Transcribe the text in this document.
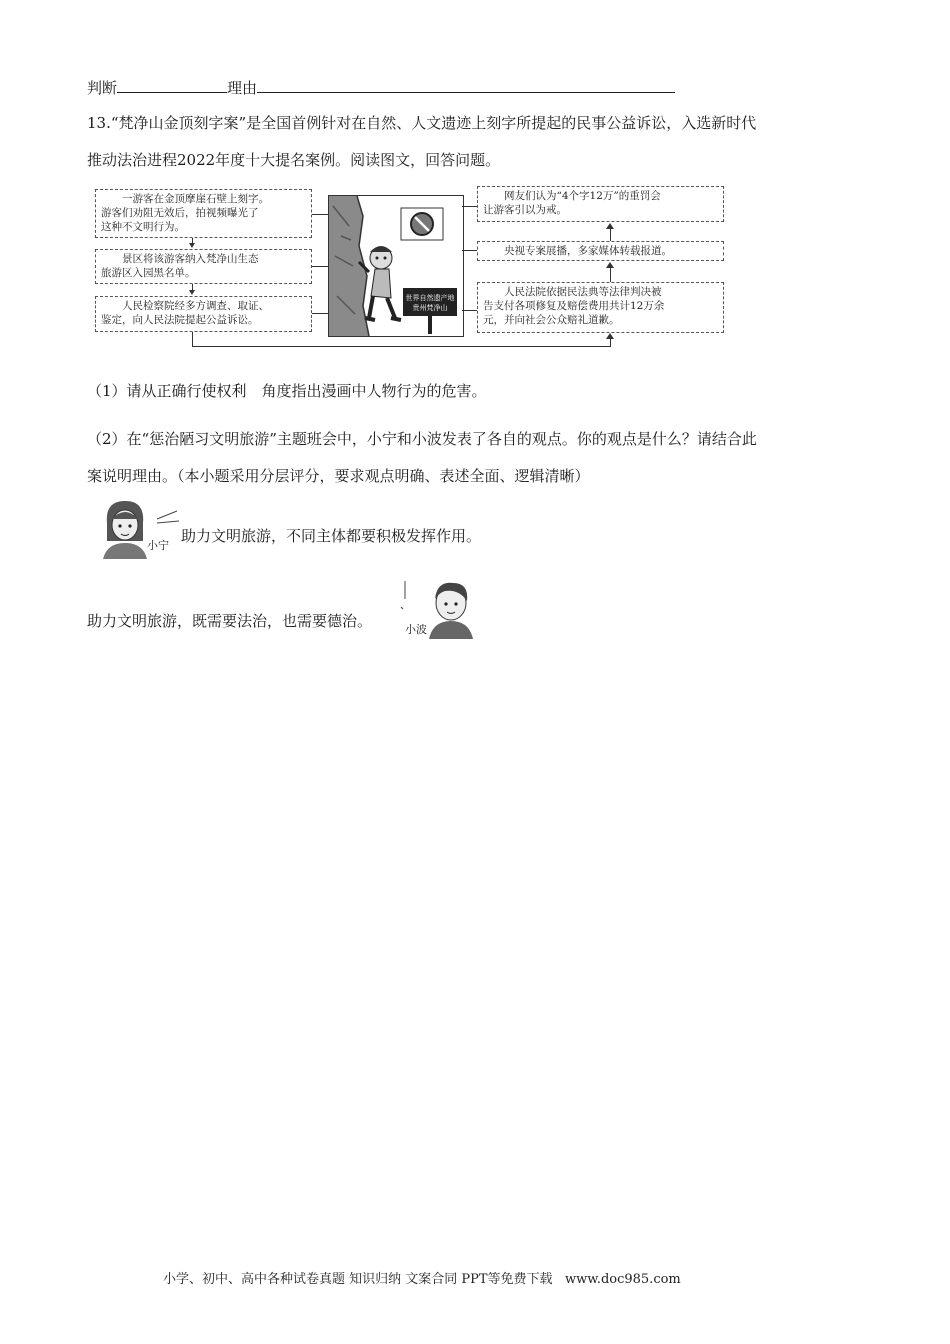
判断	理由
13.“梵净山金顶刻字案”是全国首例针对在自然、人文遗迹上刻字所提起的民事公益诉讼，入选新时代
推动法治进程2022年度十大提名案例。阅读图文，回答问题。
一游客在金顶摩崖石壁上刻字。
游客们劝阻无效后，拍视频曝光了
这种不文明行为。
景区将该游客纳入梵净山生态
旅游区入园黑名单。
人民检察院经多方调查、取证、
鉴定，向人民法院提起公益诉讼。
世界自然遗产地
贵州梵净山
网友们认为“4个字12万”的重罚会
让游客引以为戒。
央视专案展播，多家媒体转载报道。
人民法院依据民法典等法律判决被
告支付各项修复及赔偿费用共计12万余
元，并向社会公众赔礼道歉。
（1）请从正确行使权利　角度指出漫画中人物行为的危害。
（2）在“惩治陋习文明旅游”主题班会中，小宁和小波发表了各自的观点。你的观点是什么？请结合此
案说明理由。（本小题采用分层评分，要求观点明确、表述全面、逻辑清晰）
小宁
助力文明旅游，不同主体都要积极发挥作用。
助力文明旅游，既需要法治，也需要德治。	小波
小学、初中、高中各种试卷真题 知识归纳 文案合同 PPT等免费下载 www.doc985.com
